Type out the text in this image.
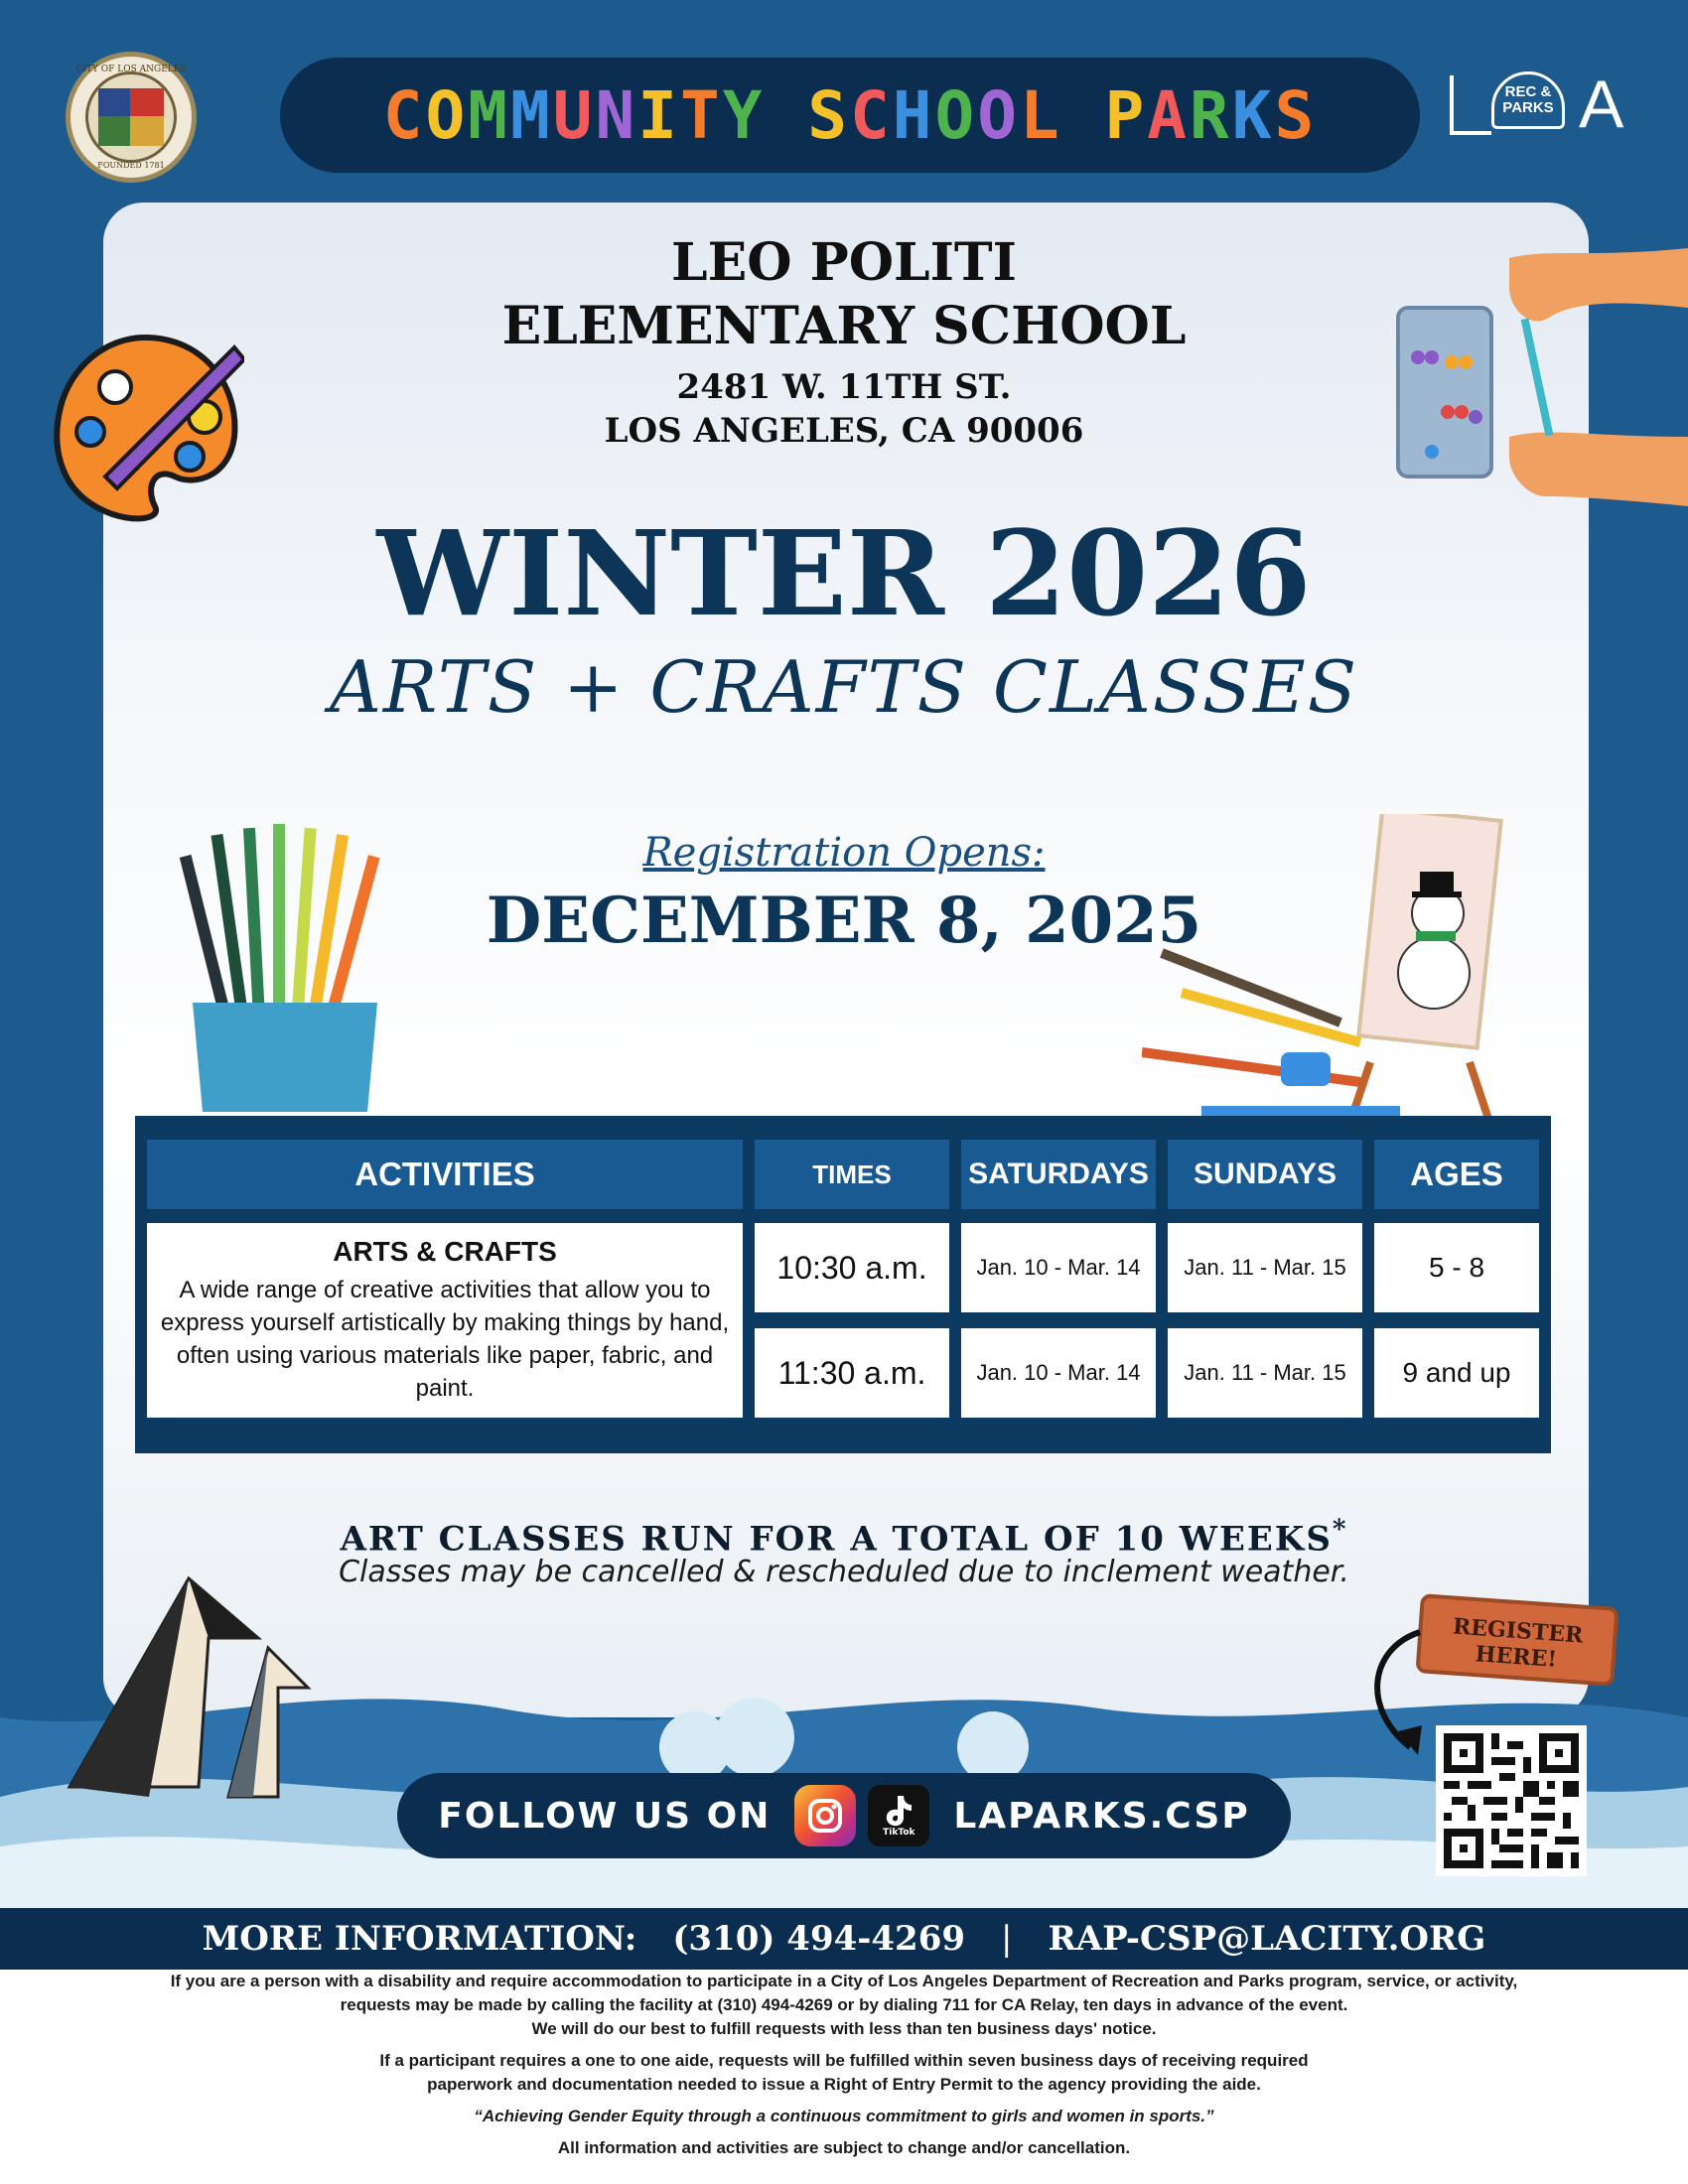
CITY OF LOS ANGELES
FOUNDED 1781
COMMUNITY SCHOOL PARKS	REC &
PARKS A
LEO POLITI
ELEMENTARY SCHOOL
2481 W. 11TH ST.
LOS ANGELES, CA 90006
WINTER 2026
ARTS + CRAFTS CLASSES
Registration Opens:
DECEMBER 8, 2025
ACTIVITIES	TIMES	SATURDAYS	SUNDAYS	AGES
ARTS & CRAFTS
A wide range of creative activities that allow you to express yourself artistically by making things by hand, often using various materials like paper, fabric, and paint.
10:30 a.m.	Jan. 10 - Mar. 14	Jan. 11 - Mar. 15	5 - 8
11:30 a.m.	Jan. 10 - Mar. 14	Jan. 11 - Mar. 15	9 and up
ART CLASSES RUN FOR A TOTAL OF 10 WEEKS*
Classes may be cancelled & rescheduled due to inclement weather.
FOLLOW US ON	TikTok LAPARKS.CSP
REGISTER
HERE!
MORE INFORMATION: (310) 494-4269 | RAP-CSP@LACITY.ORG
If you are a person with a disability and require accommodation to participate in a City of Los Angeles Department of Recreation and Parks program, service, or activity,
requests may be made by calling the facility at (310) 494-4269 or by dialing 711 for CA Relay, ten days in advance of the event.
We will do our best to fulfill requests with less than ten business days' notice.
If a participant requires a one to one aide, requests will be fulfilled within seven business days of receiving required
paperwork and documentation needed to issue a Right of Entry Permit to the agency providing the aide.
“Achieving Gender Equity through a continuous commitment to girls and women in sports.”
All information and activities are subject to change and/or cancellation.
